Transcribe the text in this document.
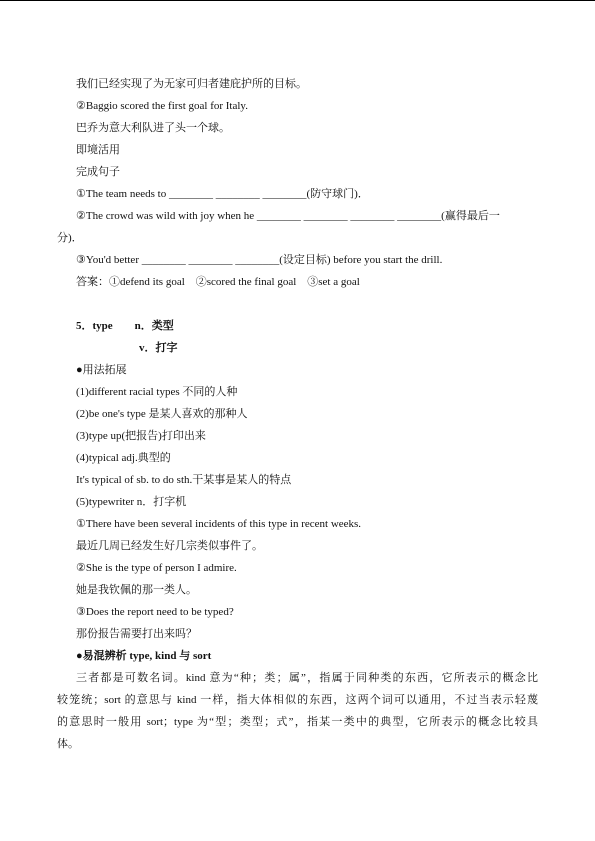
我们已经实现了为无家可归者建庇护所的目标。
②Baggio scored the first goal for Italy.
巴乔为意大利队进了头一个球。
即境活用
完成句子
①The team needs to ________ ________ ________(防守球门)．
②The crowd was wild with joy when he ________ ________ ________ ________(赢得最后一
分)．
③You'd better ________ ________ ________(设定目标) before you start the drill.
答案：①defend its goal　②scored the final goal　③set a goal
5．type　　n．类型
v．打字
●用法拓展
(1)different racial types 不同的人种
(2)be one's type 是某人喜欢的那种人
(3)type up(把报告)打印出来
(4)typical adj.典型的
It's typical of sb. to do sth.干某事是某人的特点
(5)typewriter n．打字机
①There have been several incidents of this type in recent weeks.
最近几周已经发生好几宗类似事件了。
②She is the type of person I admire.
她是我钦佩的那一类人。
③Does the report need to be typed?
那份报告需要打出来吗？
●易混辨析 type, kind 与 sort
三者都是可数名词。kind 意为“种；类；属”，指属于同种类的东西，它所表示的概念比
较笼统；sort 的意思与 kind 一样，指大体相似的东西，这两个词可以通用，不过当表示轻蔑
的意思时一般用 sort；type 为“型；类型；式”，指某一类中的典型，它所表示的概念比较具
体。
